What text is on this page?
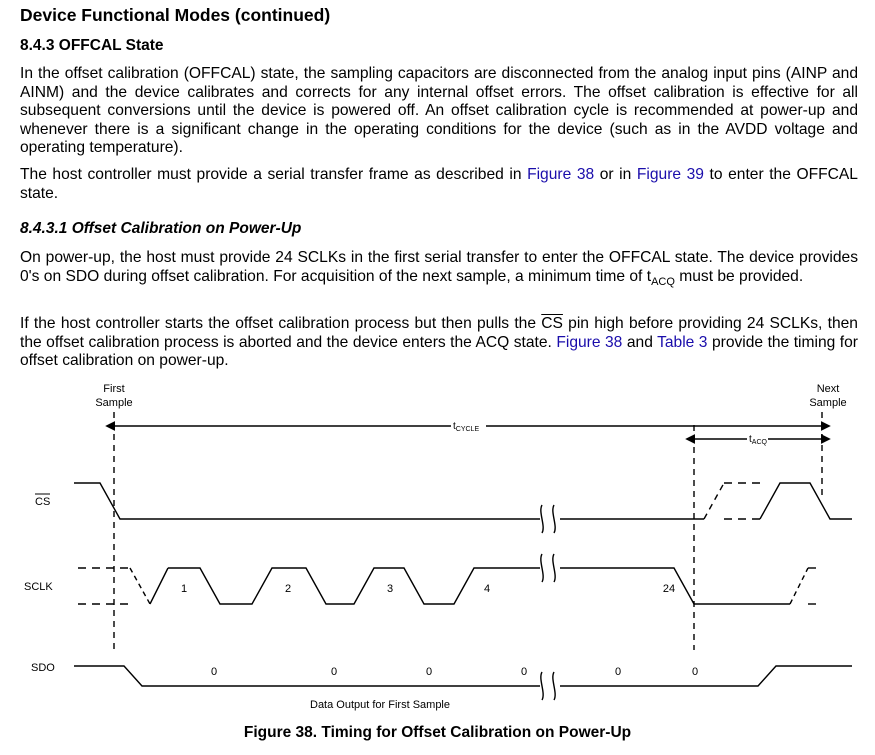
Device Functional Modes (continued)
8.4.3 OFFCAL State
In the offset calibration (OFFCAL) state, the sampling capacitors are disconnected from the analog input pins (AINP and AINM) and the device calibrates and corrects for any internal offset errors. The offset calibration is effective for all subsequent conversions until the device is powered off. An offset calibration cycle is recommended at power-up and whenever there is a significant change in the operating conditions for the device (such as in the AVDD voltage and operating temperature).
The host controller must provide a serial transfer frame as described in Figure 38 or in Figure 39 to enter the OFFCAL state.
8.4.3.1 Offset Calibration on Power-Up
On power-up, the host must provide 24 SCLKs in the first serial transfer to enter the OFFCAL state. The device provides 0's on SDO during offset calibration. For acquisition of the next sample, a minimum time of $t_{ACQ}$ must be provided.
If the host controller starts the offset calibration process but then pulls the $\overline{CS}$ pin high before providing 24 SCLKs, then the offset calibration process is aborted and the device enters the ACQ state. Figure 38 and Table 3 provide the timing for offset calibration on power-up.
First
Sample
Next
Sample
$t_{CYCLE}$
$t_{ACQ}$
CS
SCLK
SDO
1	2	3	4	24
0	0	0	0	0	0
Data Output for First Sample
Figure 38. Timing for Offset Calibration on Power-Up
